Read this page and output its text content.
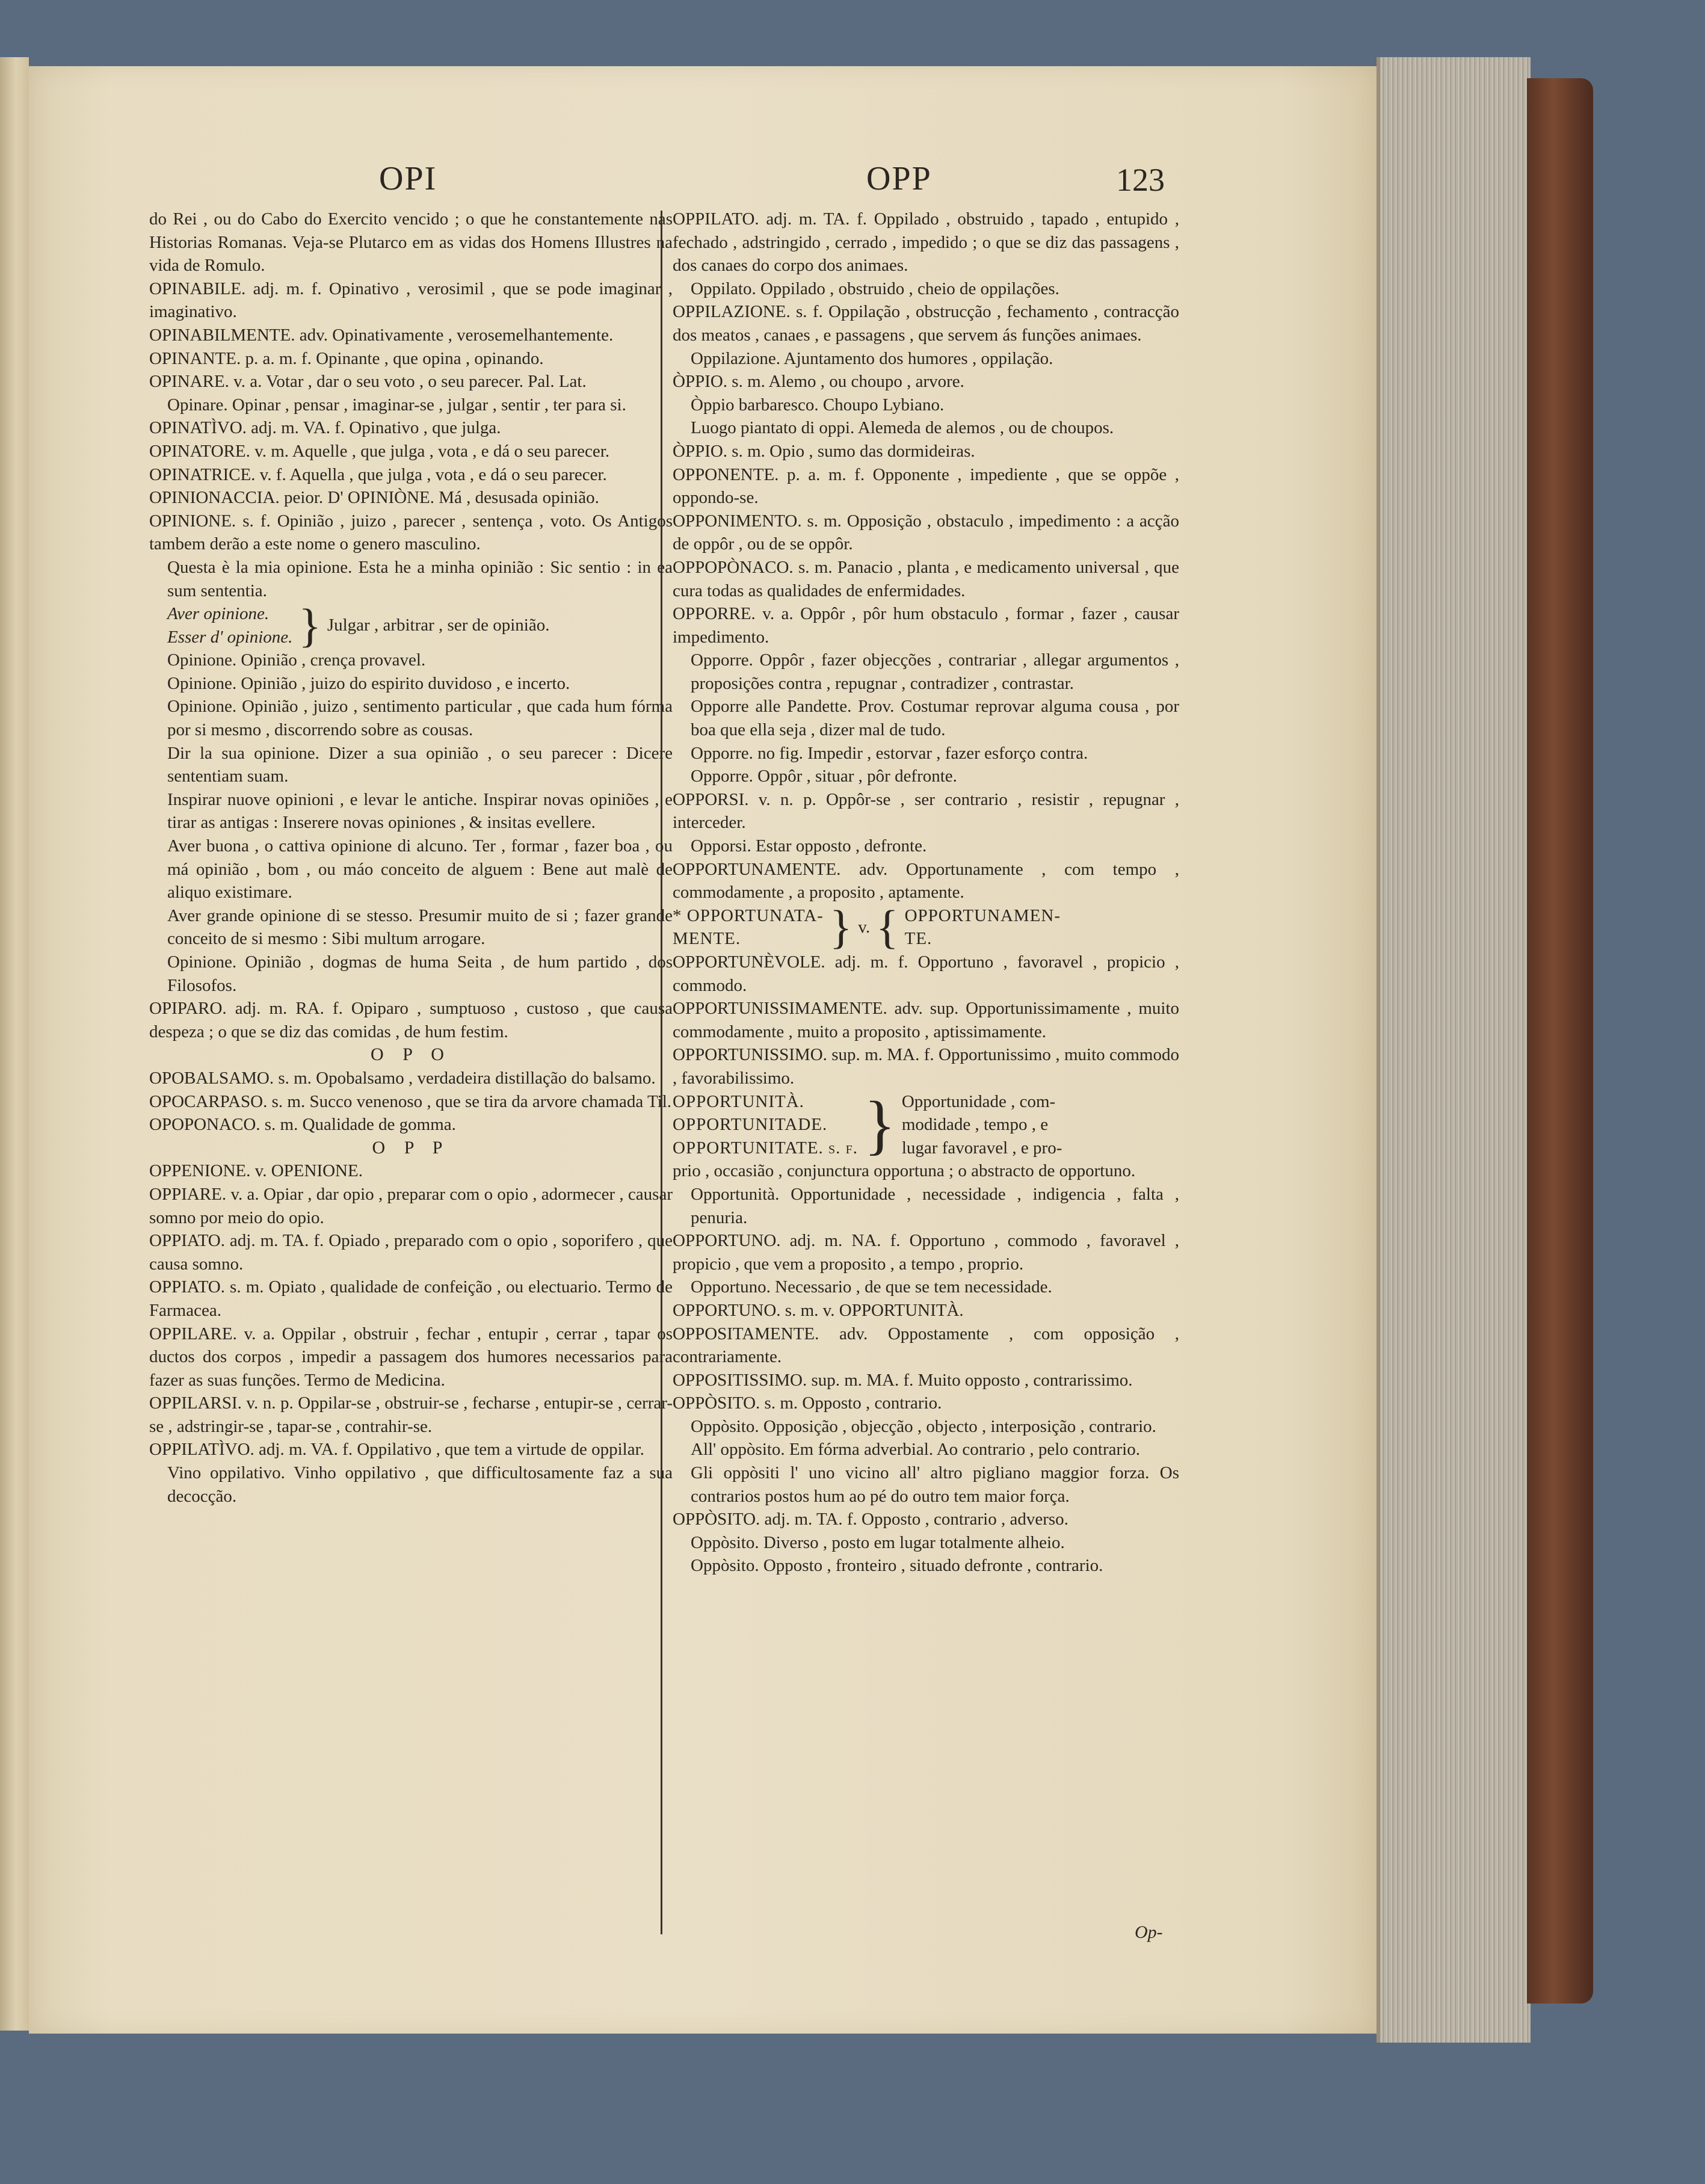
OPI	OPP	123

do Rei , ou do Cabo do Exercito vencido ; o que he constantemente nas Historias Romanas. Veja-se Plutarco em as vidas dos Homens Illustres na vida de Romulo.

OPINABILE. adj. m. f. Opinativo , verosimil , que se pode imaginar , imaginativo.

OPINABILMENTE. adv. Opinativamente , verosemelhantemente.

OPINANTE. p. a. m. f. Opinante , que opina , opinando.

OPINARE. v. a. Votar , dar o seu voto , o seu parecer. Pal. Lat.

Opinare. Opinar , pensar , imaginar-se , julgar , sentir , ter para si.

OPINATÌVO. adj. m. VA. f. Opinativo , que julga.

OPINATORE. v. m. Aquelle , que julga , vota , e dá o seu parecer.

OPINATRICE. v. f. Aquella , que julga , vota , e dá o seu parecer.

OPINIONACCIA. peior. D' OPINIÒNE. Má , desusada opinião.

OPINIONE. s. f. Opinião , juizo , parecer , sentença , voto. Os Antigos tambem derão a este nome o genero masculino.

Questa è la mia opinione. Esta he a minha opinião : Sic sentio : in ea sum sententia.

Aver opinione.
Esser d' opinione. } Julgar , arbitrar , ser de opinião.

Opinione. Opinião , crença provavel.

Opinione. Opinião , juizo do espirito duvidoso , e incerto.

Opinione. Opinião , juizo , sentimento particular , que cada hum fórma por si mesmo , discorrendo sobre as cousas.

Dir la sua opinione. Dizer a sua opinião , o seu parecer : Dicere sententiam suam.

Inspirar nuove opinioni , e levar le antiche. Inspirar novas opiniões , e tirar as antigas : Inserere novas opiniones , & insitas evellere.

Aver buona , o cattiva opinione di alcuno. Ter , formar , fazer boa , ou má opinião , bom , ou máo conceito de alguem : Bene aut malè de aliquo existimare.

Aver grande opinione di se stesso. Presumir muito de si ; fazer grande conceito de si mesmo : Sibi multum arrogare.

Opinione. Opinião , dogmas de huma Seita , de hum partido , dos Filosofos.

OPIPARO. adj. m. RA. f. Opiparo , sumptuoso , custoso , que causa despeza ; o que se diz das comidas , de hum festim.

O P O

OPOBALSAMO. s. m. Opobalsamo , verdadeira distillação do balsamo.

OPOCARPASO. s. m. Succo venenoso , que se tira da arvore chamada Til.

OPOPONACO. s. m. Qualidade de gomma.

O P P

OPPENIONE. v. OPENIONE.

OPPIARE. v. a. Opiar , dar opio , preparar com o opio , adormecer , causar somno por meio do opio.

OPPIATO. adj. m. TA. f. Opiado , preparado com o opio , soporifero , que causa somno.

OPPIATO. s. m. Opiato , qualidade de confeição , ou electuario. Termo de Farmacea.

OPPILARE. v. a. Oppilar , obstruir , fechar , entupir , cerrar , tapar os ductos dos corpos , impedir a passagem dos humores necessarios para fazer as suas funções. Termo de Medicina.

OPPILARSI. v. n. p. Oppilar-se , obstruir-se , fecharse , entupir-se , cerrar-se , adstringir-se , tapar-se , contrahir-se.

OPPILATÌVO. adj. m. VA. f. Oppilativo , que tem a virtude de oppilar.

Vino oppilativo. Vinho oppilativo , que difficultosamente faz a sua decocção.

OPPILATO. adj. m. TA. f. Oppilado , obstruido , tapado , entupido , fechado , adstringido , cerrado , impedido ; o que se diz das passagens , dos canaes do corpo dos animaes.

Oppilato. Oppilado , obstruido , cheio de oppilações.

OPPILAZIONE. s. f. Oppilação , obstrucção , fechamento , contracção dos meatos , canaes , e passagens , que servem ás funções animaes.

Oppilazione. Ajuntamento dos humores , oppilação.

ÒPPIO. s. m. Alemo , ou choupo , arvore.

Òppio barbaresco. Choupo Lybiano.

Luogo piantato di oppi. Alemeda de alemos , ou de choupos.

ÒPPIO. s. m. Opio , sumo das dormideiras.

OPPONENTE. p. a. m. f. Opponente , impediente , que se oppõe , oppondo-se.

OPPONIMENTO. s. m. Opposição , obstaculo , impedimento : a acção de oppôr , ou de se oppôr.

OPPOPÒNACO. s. m. Panacio , planta , e medicamento universal , que cura todas as qualidades de enfermidades.

OPPORRE. v. a. Oppôr , pôr hum obstaculo , formar , fazer , causar impedimento.

Opporre. Oppôr , fazer objecções , contrariar , allegar argumentos , proposições contra , repugnar , contradizer , contrastar.

Opporre alle Pandette. Prov. Costumar reprovar alguma cousa , por boa que ella seja , dizer mal de tudo.

Opporre. no fig. Impedir , estorvar , fazer esforço contra.

Opporre. Oppôr , situar , pôr defronte.

OPPORSI. v. n. p. Oppôr-se , ser contrario , resistir , repugnar , interceder.

Opporsi. Estar opposto , defronte.

OPPORTUNAMENTE. adv. Opportunamente , com tempo , commodamente , a proposito , aptamente.

* OPPORTUNATA-
MENTE.	} v. { OPPORTUNAMEN-
TE.

OPPORTUNÈVOLE. adj. m. f. Opportuno , favoravel , propicio , commodo.

OPPORTUNISSIMAMENTE. adv. sup. Opportunissimamente , muito commodamente , muito a proposito , aptissimamente.

OPPORTUNISSIMO. sup. m. MA. f. Opportunissimo , muito commodo , favorabilissimo.

OPPORTUNITÀ.
OPPORTUNITADE.
OPPORTUNITATE. s. f. } Opportunidade , com-
modidade , tempo , e
lugar favoravel , e pro-

prio , occasião , conjunctura opportuna ; o abstracto de opportuno.

Opportunità. Opportunidade , necessidade , indigencia , falta , penuria.

OPPORTUNO. adj. m. NA. f. Opportuno , commodo , favoravel , propicio , que vem a proposito , a tempo , proprio.

Opportuno. Necessario , de que se tem necessidade.

OPPORTUNO. s. m. v. OPPORTUNITÀ.

OPPOSITAMENTE. adv. Oppostamente , com opposição , contrariamente.

OPPOSITISSIMO. sup. m. MA. f. Muito opposto , contrarissimo.

OPPÒSITO. s. m. Opposto , contrario.

Oppòsito. Opposição , objecção , objecto , interposição , contrario.

All' oppòsito. Em fórma adverbial. Ao contrario , pelo contrario.

Gli oppòsiti l' uno vicino all' altro pigliano maggior forza. Os contrarios postos hum ao pé do outro tem maior força.

OPPÒSITO. adj. m. TA. f. Opposto , contrario , adverso.

Oppòsito. Diverso , posto em lugar totalmente alheio.

Oppòsito. Opposto , fronteiro , situado defronte , contrario.

Op-
